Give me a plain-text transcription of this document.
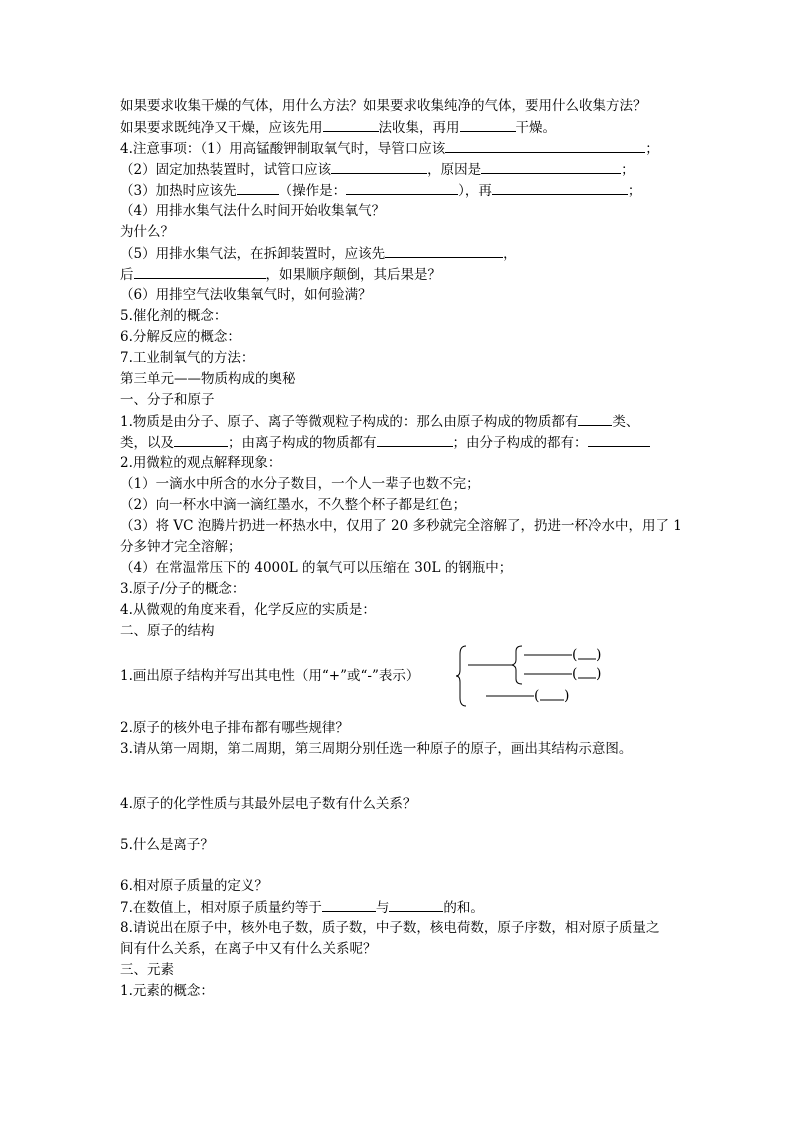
如果要求收集干燥的气体，用什么方法？如果要求收集纯净的气体，要用什么收集方法？
如果要求既纯净又干燥，应该先用	法收集，再用	干燥。
4.注意事项：（1）用高锰酸钾制取氧气时，导管口应该	；
（2）固定加热装置时，试管口应该	，原因是	；
（3）加热时应该先	（操作是：	），再	；
（4）用排水集气法什么时间开始收集氧气？
为什么？
（5）用排水集气法，在拆卸装置时，应该先	，
后	，如果顺序颠倒，其后果是？
（6）用排空气法收集氧气时，如何验满？
5.催化剂的概念：
6.分解反应的概念：
7.工业制氧气的方法：
第三单元——物质构成的奥秘
一、分子和原子
1.物质是由分子、原子、离子等微观粒子构成的：那么由原子构成的物质都有	类、
类，以及	；由离子构成的物质都有	；由分子构成的都有：
2.用微粒的观点解释现象：
（1）一滴水中所含的水分子数目，一个人一辈子也数不完；
（2）向一杯水中滴一滴红墨水，不久整个杯子都是红色；
（3）将 VC 泡腾片扔进一杯热水中，仅用了 20 多秒就完全溶解了，扔进一杯冷水中，用了 1
分多钟才完全溶解；
（4）在常温常压下的 4000L 的氧气可以压缩在 30L 的钢瓶中；
3.原子/分子的概念：
4.从微观的角度来看，化学反应的实质是：
二、原子的结构
1.画出原子结构并写出其电性（用“+”或“-”表示）
( )
( )
( )
2.原子的核外电子排布都有哪些规律？
3.请从第一周期，第二周期，第三周期分别任选一种原子的原子，画出其结构示意图。
4.原子的化学性质与其最外层电子数有什么关系？
5.什么是离子？
6.相对原子质量的定义？
7.在数值上，相对原子质量约等于	与	的和。
8.请说出在原子中，核外电子数，质子数，中子数，核电荷数，原子序数，相对原子质量之
间有什么关系，在离子中又有什么关系呢？
三、元素
1.元素的概念：
